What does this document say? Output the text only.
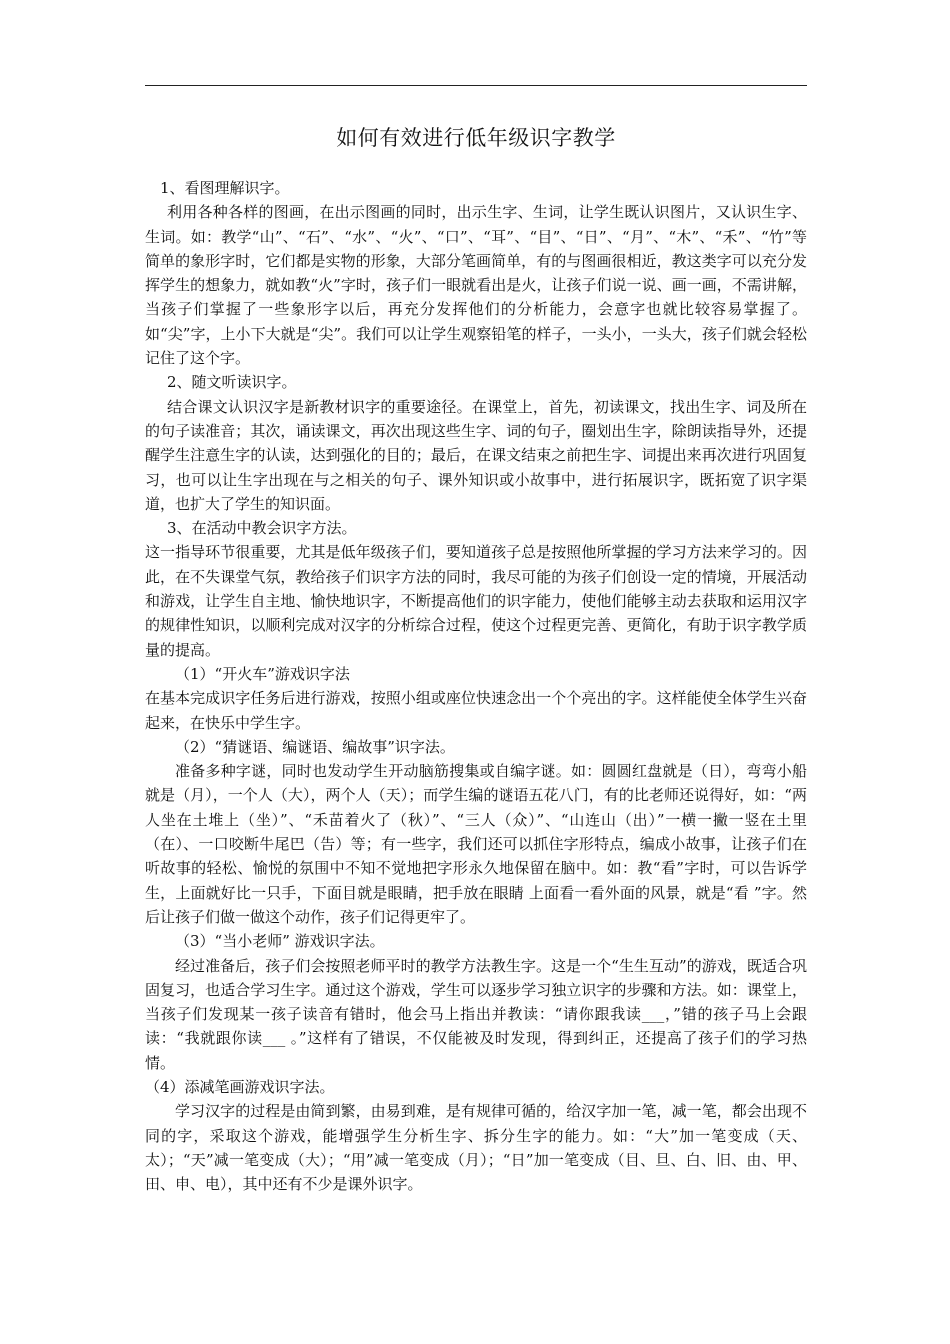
如何有效进行低年级识字教学

1、看图理解识字。

利用各种各样的图画，在出示图画的同时，出示生字、生词，让学生既认识图片，又认识生字、生词。如：教学“山”、“石”、“水”、“火”、“口”、“耳”、“目”、“日”、“月”、“木”、“禾”、“竹”等简单的象形字时，它们都是实物的形象，大部分笔画简单，有的与图画很相近，教这类字可以充分发挥学生的想象力，就如教“火”字时，孩子们一眼就看出是火，让孩子们说一说、画一画，不需讲解，当孩子们掌握了一些象形字以后，再充分发挥他们的分析能力，会意字也就比较容易掌握了。如“尖”字，上小下大就是“尖”。我们可以让学生观察铅笔的样子，一头小，一头大，孩子们就会轻松记住了这个字。

2、随文听读识字。

结合课文认识汉字是新教材识字的重要途径。在课堂上，首先，初读课文，找出生字、词及所在的句子读准音；其次，诵读课文，再次出现这些生字、词的句子，圈划出生字，除朗读指导外，还提醒学生注意生字的认读，达到强化的目的；最后，在课文结束之前把生字、词提出来再次进行巩固复习，也可以让生字出现在与之相关的句子、课外知识或小故事中，进行拓展识字，既拓宽了识字渠道，也扩大了学生的知识面。

3、在活动中教会识字方法。

这一指导环节很重要，尤其是低年级孩子们，要知道孩子总是按照他所掌握的学习方法来学习的。因此，在不失课堂气氛，教给孩子们识字方法的同时，我尽可能的为孩子们创设一定的情境，开展活动和游戏，让学生自主地、愉快地识字，不断提高他们的识字能力，使他们能够主动去获取和运用汉字的规律性知识，以顺利完成对汉字的分析综合过程，使这个过程更完善、更简化，有助于识字教学质量的提高。

（1）“开火车”游戏识字法

在基本完成识字任务后进行游戏，按照小组或座位快速念出一个个亮出的字。这样能使全体学生兴奋起来，在快乐中学生字。

（2）“猜谜语、编谜语、编故事”识字法。

准备多种字谜，同时也发动学生开动脑筋搜集或自编字谜。如：圆圆红盘就是（日），弯弯小船就是（月），一个人（大），两个人（天）；而学生编的谜语五花八门，有的比老师还说得好，如：“两人坐在土堆上（坐）”、“禾苗着火了（秋）”、“三人（众）”、“山连山（出）”一横一撇一竖在土里（在）、一口咬断牛尾巴（告）等；有一些字，我们还可以抓住字形特点，编成小故事，让孩子们在听故事的轻松、愉悦的氛围中不知不觉地把字形永久地保留在脑中。如：教“看”字时，可以告诉学生，上面就好比一只手，下面目就是眼睛，把手放在眼睛 上面看一看外面的风景，就是“看 ”字。然后让孩子们做一做这个动作，孩子们记得更牢了。

（3）“当小老师” 游戏识字法。

经过准备后，孩子们会按照老师平时的教学方法教生字。这是一个“生生互动”的游戏，既适合巩固复习，也适合学习生字。通过这个游戏，学生可以逐步学习独立识字的步骤和方法。如：课堂上，当孩子们发现某一孩子读音有错时，他会马上指出并教读：“请你跟我读___，”错的孩子马上会跟读：“我就跟你读___ 。”这样有了错误，不仅能被及时发现，得到纠正，还提高了孩子们的学习热情。

（4）添减笔画游戏识字法。

学习汉字的过程是由简到繁，由易到难，是有规律可循的，给汉字加一笔，减一笔，都会出现不同的字，采取这个游戏，能增强学生分析生字、拆分生字的能力。如：“大”加一笔变成（天、太）；“天”减一笔变成（大）；“用”减一笔变成（月）；“日”加一笔变成（目、旦、白、旧、由、甲、田、申、电），其中还有不少是课外识字。
